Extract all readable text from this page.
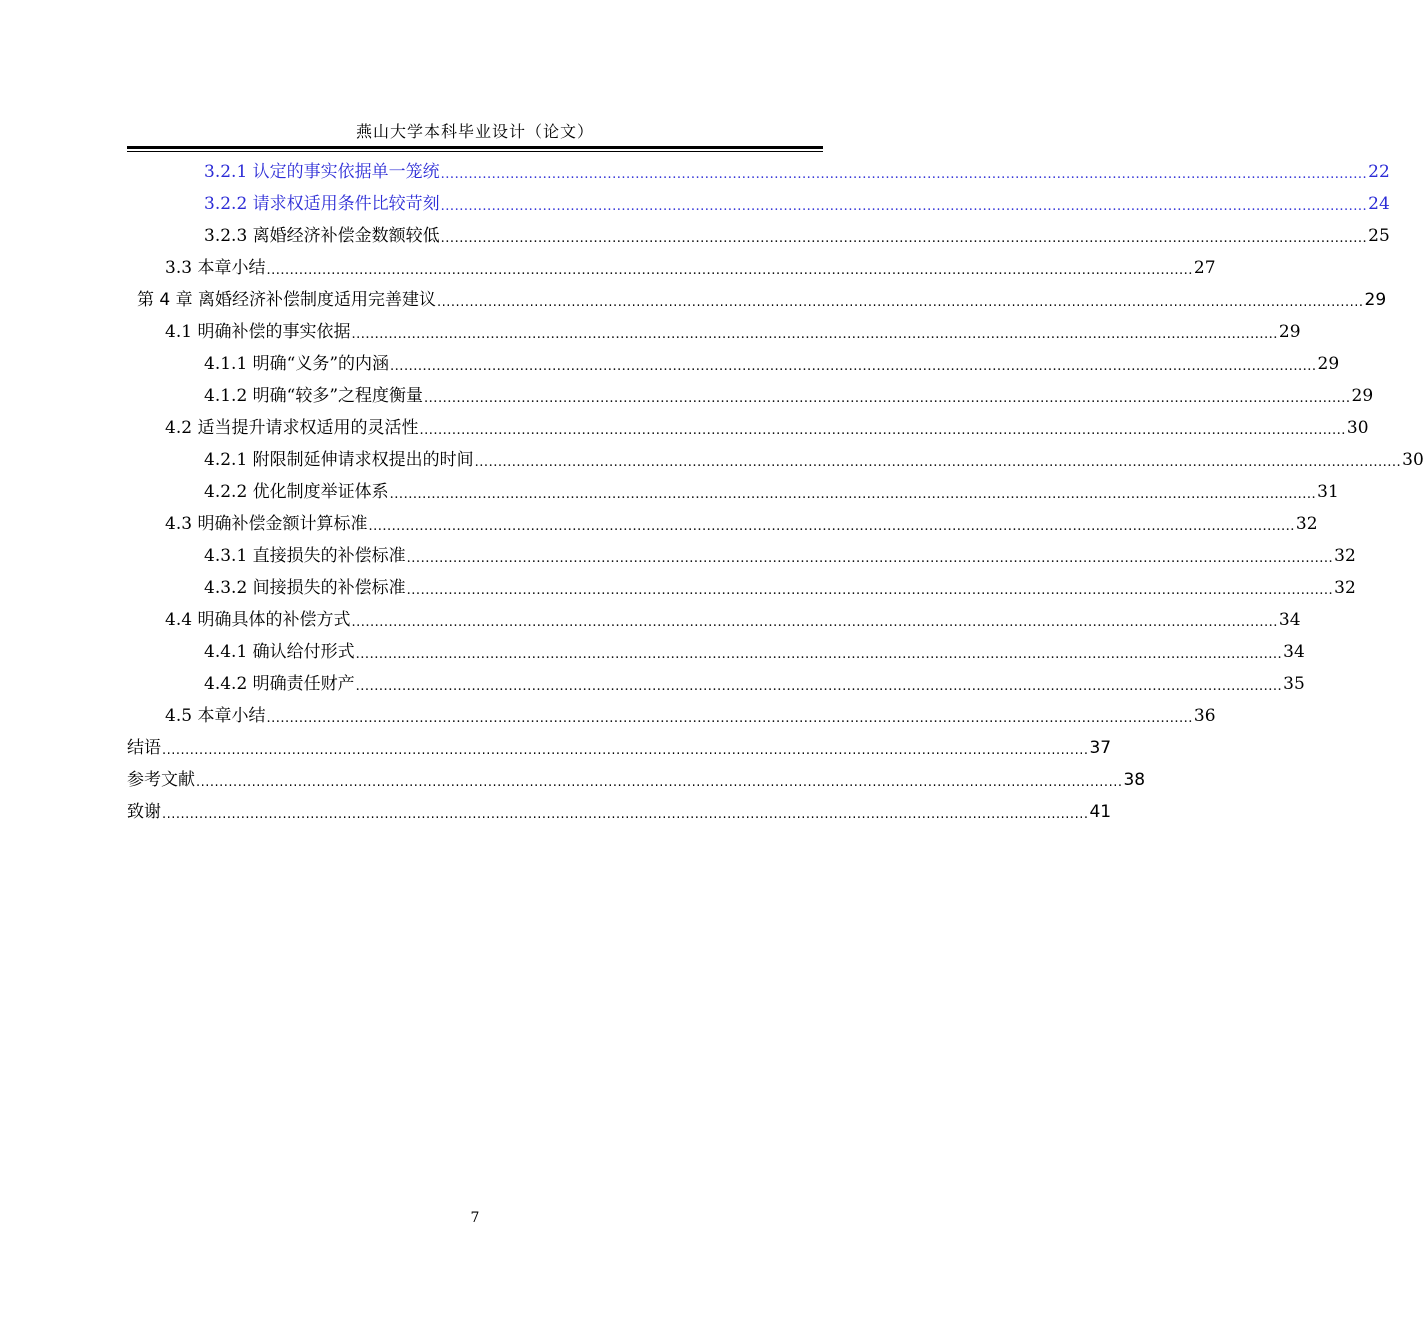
燕山大学本科毕业设计（论文）
3.2.1 认定的事实依据单一笼统 ........................................................................................................................................................................................................ 22
3.2.2 请求权适用条件比较苛刻 ........................................................................................................................................................................................................ 24
3.2.3 离婚经济补偿金数额较低 ........................................................................................................................................................................................................ 25
3.3 本章小结 ........................................................................................................................................................................................................ 27
第 4 章 离婚经济补偿制度适用完善建议 ........................................................................................................................................................................................................ 29
4.1 明确补偿的事实依据 ........................................................................................................................................................................................................ 29
4.1.1 明确“义务”的内涵 ........................................................................................................................................................................................................ 29
4.1.2 明确“较多”之程度衡量 ........................................................................................................................................................................................................ 29
4.2 适当提升请求权适用的灵活性 ........................................................................................................................................................................................................ 30
4.2.1 附限制延伸请求权提出的时间 ........................................................................................................................................................................................................ 30
4.2.2 优化制度举证体系 ........................................................................................................................................................................................................ 31
4.3 明确补偿金额计算标准 ........................................................................................................................................................................................................ 32
4.3.1 直接损失的补偿标准 ........................................................................................................................................................................................................ 32
4.3.2 间接损失的补偿标准 ........................................................................................................................................................................................................ 32
4.4 明确具体的补偿方式 ........................................................................................................................................................................................................ 34
4.4.1 确认给付形式 ........................................................................................................................................................................................................ 34
4.4.2 明确责任财产 ........................................................................................................................................................................................................ 35
4.5 本章小结 ........................................................................................................................................................................................................ 36
结语 ........................................................................................................................................................................................................ 37
参考文献 ........................................................................................................................................................................................................ 38
致谢 ........................................................................................................................................................................................................ 41
7
